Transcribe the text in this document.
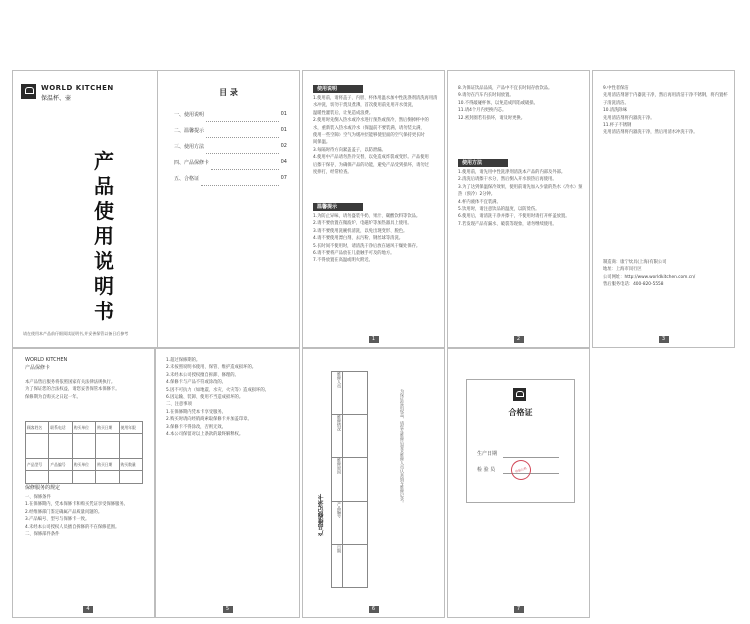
WORLD KITCHEN
保温杯、壶
产
品
使
用
说
明
书
请在使用本产品前仔细阅读说明书,并妥善保管以备日后参考
目 录
一、使用说明	01
二、温馨提示	01
三、使用方法	02
四、产品保修卡	04
五、合格证	07
使用说明
1.使用前，请将盖子、内胆、杯体用温水加中性洗涤剂清洗再用清水冲洗，切勿干烧及煮沸，首次使用前先用开水烫洗，
温暖性灌装后，让免造成浪费。
2.使用时先倒入热水或冷水进行预热或预冷，然后倒掉杯中的
水，重新装入热水或冷水（保温前不要装满，请勿装太满，
使用一些空隙）空气为缓冲层能够使里面的空气保持更长时
间保温。
3.每隔时待方向紧盖盖子，以防泄漏。
4.使用中产品请勿热冷交替，以免造成炸裂或变形。产品使用
后擦干保存，为确保产品的功能，避免产品受到损坏，请勿过
度摔打，经常检查。
温馨提示
1.为防止异味，请勿盛装牛奶、果汁、碳酸饮料等饮品。
2.请不要放置在微波炉、电磁炉等加热器具上使用。
3.请不要使用洗碗机清洗，以免出现变形、脱色。
4.请不要使用漂白剂、去污粉、钢丝球等清洗。
5.长时间不使用时，请清洗干净后放在通风干燥处保存。
6.请不要将产品放在儿童触手可及的地方。
7.不得放置在高温或明火附近。
1
8.为保证饮品品质，产品中不宜长时间存放饮品。
9.请勿在汽车内长时间放置。
10.不得敲碰杯体，以免造成凹陷或破损。
11.请4个月内更换内芯。
12.密封圈若有损坏，请及时更换。
使用方法
1.使用前，请先用中性洗涤剂清洗本产品的内部及外部。
2.清洗后请擦干水分，然后倒入开水预热后再使用。
3.为了达到保温保冷效果，使用前请先加入少量的热水（冷水）预热（预冷）2分钟。
4.杯内液体不宜装满。
5.饮用时，请注意饮品的温度，以防烫伤。
6.使用后，请清洗干净并擦干，不使用时请打开杯盖放置。
7.若发现产品有漏水、破裂等现象，请勿继续使用。
2
9.中性者保洁
先用清洁剂溶于内器洗干净，然后再用清洁干净不锈钢，将内置杯子清洗清洁。
10.清洗除味
先用清洁剂将内器洗干净。
11.杯子不锈钢
先用清洁剂将内器洗干净，然后用清水冲洗干净。
制造商：康宁炊具(上海)有限公司
地址：上海市闵行区
公司网址：http://www.worldkitchen.com.cn/
售后服务电话：400-820-5558
3
WORLD KITCHEN
产品保修卡
本产品售后服务将依照国家有关法律法规执行。
为了保证您的合法权益，请您妥善保管本保修卡。
保修期为自购买之日起一年。
顾客姓名	联系电话	购买单位	购买日期	使用年限

产品型号	产品编号	购买单位	购买日期	购买数量

保修服务的规定
一、保修条件
1.在保修期内，凭本保修卡和购买凭证享受保修服务。
2.经维修部门鉴定确属产品质量问题的。
3.产品编号、型号与保修卡一致。
4.未经本公司授权人员擅自拆修的不在保修范围。
二、保修部件条件
4
1.超过保修期的。
2.未按照说明书使用、保管、维护造成损坏的。
3.未经本公司授权擅自拆卸、修理的。
4.保修卡与产品不符或涂改的。
5.因不可抗力（如地震、水灾、火灾等）造成损坏的。
6.因运输、装卸、使用不当造成损坏的。
二、注意事项
1.在保修期内凭本卡享受服务。
2.购买时请向经销商索取保修卡并加盖印章。
3.保修卡不得涂改，否则无效。
4.本公司保留对以上条款的最终解释权。
5
产品维修记录卡
日期
产品编号
维修原因
维修情况
维修人员
为保证您的权益，请您在维修后要求维修人员认真填写维修记录。
6
合格证
生产日期
检 验 员	检验合格
7
